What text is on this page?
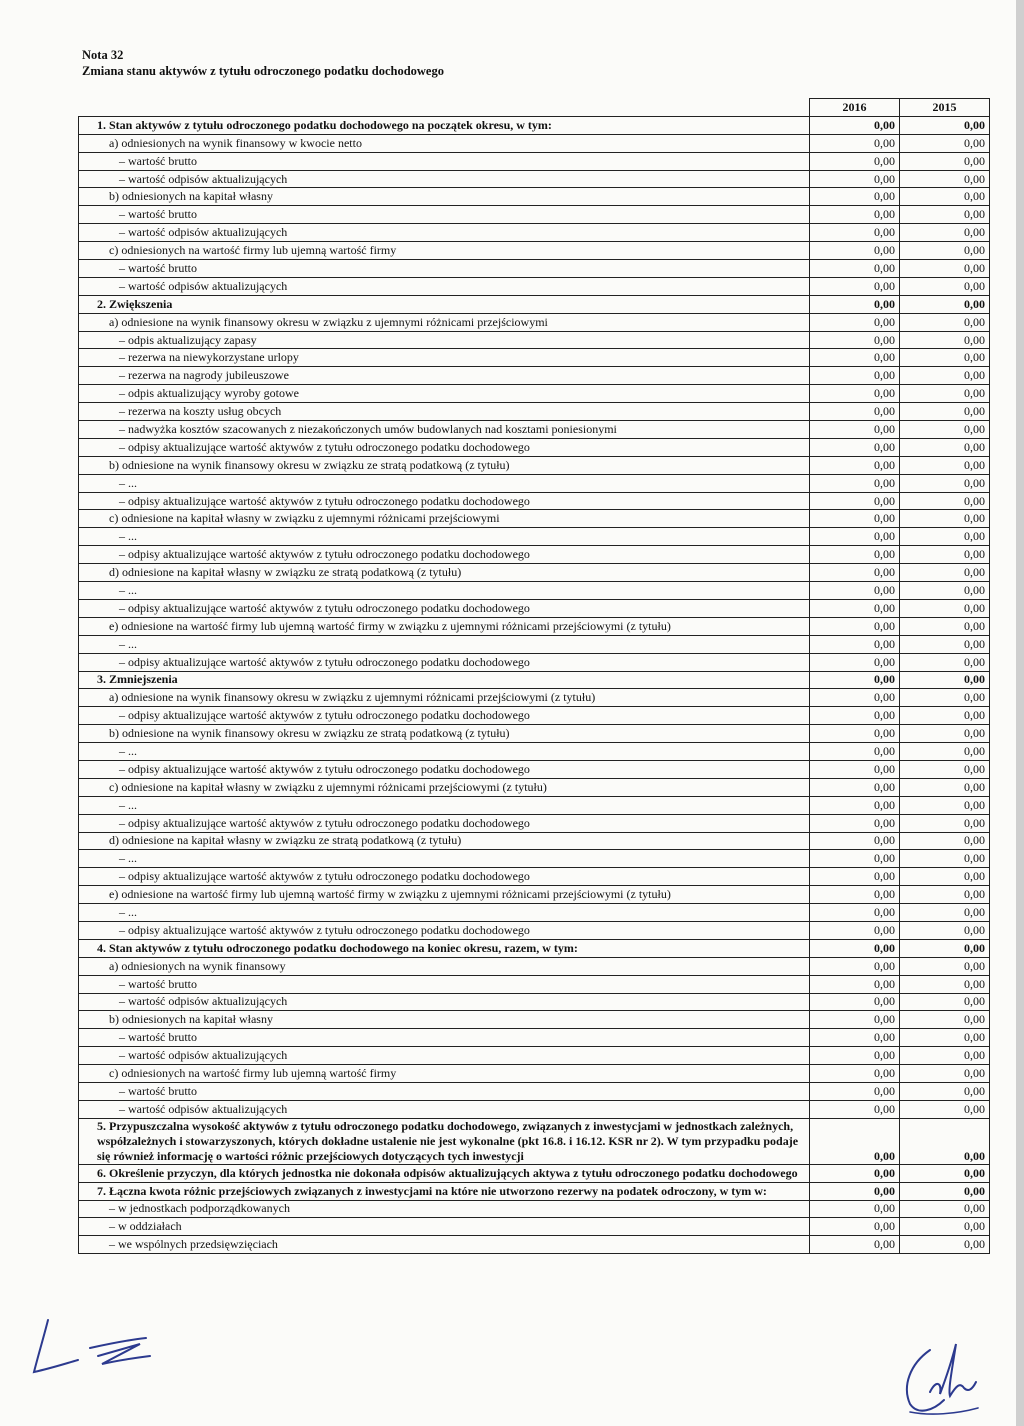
Nota 32
Zmiana stanu aktywów z tytułu odroczonego podatku dochodowego
	2016	2015
1. Stan aktywów z tytułu odroczonego podatku dochodowego na początek okresu, w tym:	0,00	0,00
a) odniesionych na wynik finansowy w kwocie netto	0,00	0,00
– wartość brutto	0,00	0,00
– wartość odpisów aktualizujących	0,00	0,00
b) odniesionych na kapitał własny	0,00	0,00
– wartość brutto	0,00	0,00
– wartość odpisów aktualizujących	0,00	0,00
c) odniesionych na wartość firmy lub ujemną wartość firmy	0,00	0,00
– wartość brutto	0,00	0,00
– wartość odpisów aktualizujących	0,00	0,00
2. Zwiększenia	0,00	0,00
a) odniesione na wynik finansowy okresu w związku z ujemnymi różnicami przejściowymi	0,00	0,00
– odpis aktualizujący zapasy	0,00	0,00
– rezerwa na niewykorzystane urlopy	0,00	0,00
– rezerwa na nagrody jubileuszowe	0,00	0,00
– odpis aktualizujący wyroby gotowe	0,00	0,00
– rezerwa na koszty usług obcych	0,00	0,00
– nadwyżka kosztów szacowanych z niezakończonych umów budowlanych nad kosztami poniesionymi	0,00	0,00
– odpisy aktualizujące wartość aktywów z tytułu odroczonego podatku dochodowego	0,00	0,00
b) odniesione na wynik finansowy okresu w związku ze stratą podatkową (z tytułu)	0,00	0,00
– ...	0,00	0,00
– odpisy aktualizujące wartość aktywów z tytułu odroczonego podatku dochodowego	0,00	0,00
c) odniesione na kapitał własny w związku z ujemnymi różnicami przejściowymi	0,00	0,00
– ...	0,00	0,00
– odpisy aktualizujące wartość aktywów z tytułu odroczonego podatku dochodowego	0,00	0,00
d) odniesione na kapitał własny w związku ze stratą podatkową (z tytułu)	0,00	0,00
– ...	0,00	0,00
– odpisy aktualizujące wartość aktywów z tytułu odroczonego podatku dochodowego	0,00	0,00
e) odniesione na wartość firmy lub ujemną wartość firmy w związku z ujemnymi różnicami przejściowymi (z tytułu)	0,00	0,00
– ...	0,00	0,00
– odpisy aktualizujące wartość aktywów z tytułu odroczonego podatku dochodowego	0,00	0,00
3. Zmniejszenia	0,00	0,00
a) odniesione na wynik finansowy okresu w związku z ujemnymi różnicami przejściowymi (z tytułu)	0,00	0,00
– odpisy aktualizujące wartość aktywów z tytułu odroczonego podatku dochodowego	0,00	0,00
b) odniesione na wynik finansowy okresu w związku ze stratą podatkową (z tytułu)	0,00	0,00
– ...	0,00	0,00
– odpisy aktualizujące wartość aktywów z tytułu odroczonego podatku dochodowego	0,00	0,00
c) odniesione na kapitał własny w związku z ujemnymi różnicami przejściowymi (z tytułu)	0,00	0,00
– ...	0,00	0,00
– odpisy aktualizujące wartość aktywów z tytułu odroczonego podatku dochodowego	0,00	0,00
d) odniesione na kapitał własny w związku ze stratą podatkową (z tytułu)	0,00	0,00
– ...	0,00	0,00
– odpisy aktualizujące wartość aktywów z tytułu odroczonego podatku dochodowego	0,00	0,00
e) odniesione na wartość firmy lub ujemną wartość firmy w związku z ujemnymi różnicami przejściowymi (z tytułu)	0,00	0,00
– ...	0,00	0,00
– odpisy aktualizujące wartość aktywów z tytułu odroczonego podatku dochodowego	0,00	0,00
4. Stan aktywów z tytułu odroczonego podatku dochodowego na koniec okresu, razem, w tym:	0,00	0,00
a) odniesionych na wynik finansowy	0,00	0,00
– wartość brutto	0,00	0,00
– wartość odpisów aktualizujących	0,00	0,00
b) odniesionych na kapitał własny	0,00	0,00
– wartość brutto	0,00	0,00
– wartość odpisów aktualizujących	0,00	0,00
c) odniesionych na wartość firmy lub ujemną wartość firmy	0,00	0,00
– wartość brutto	0,00	0,00
– wartość odpisów aktualizujących	0,00	0,00
5. Przypuszczalna wysokość aktywów z tytułu odroczonego podatku dochodowego, związanych z inwestycjami w jednostkach zależnych, współzależnych i stowarzyszonych, których dokładne ustalenie nie jest wykonalne (pkt 16.8. i 16.12. KSR nr 2). W tym przypadku podaje się również informację o wartości różnic przejściowych dotyczących tych inwestycji	0,00	0,00
6. Określenie przyczyn, dla których jednostka nie dokonała odpisów aktualizujących aktywa z tytułu odroczonego podatku dochodowego	0,00	0,00
7. Łączna kwota różnic przejściowych związanych z inwestycjami na które nie utworzono rezerwy na podatek odroczony, w tym w:	0,00	0,00
– w jednostkach podporządkowanych	0,00	0,00
– w oddziałach	0,00	0,00
– we wspólnych przedsięwzięciach	0,00	0,00
